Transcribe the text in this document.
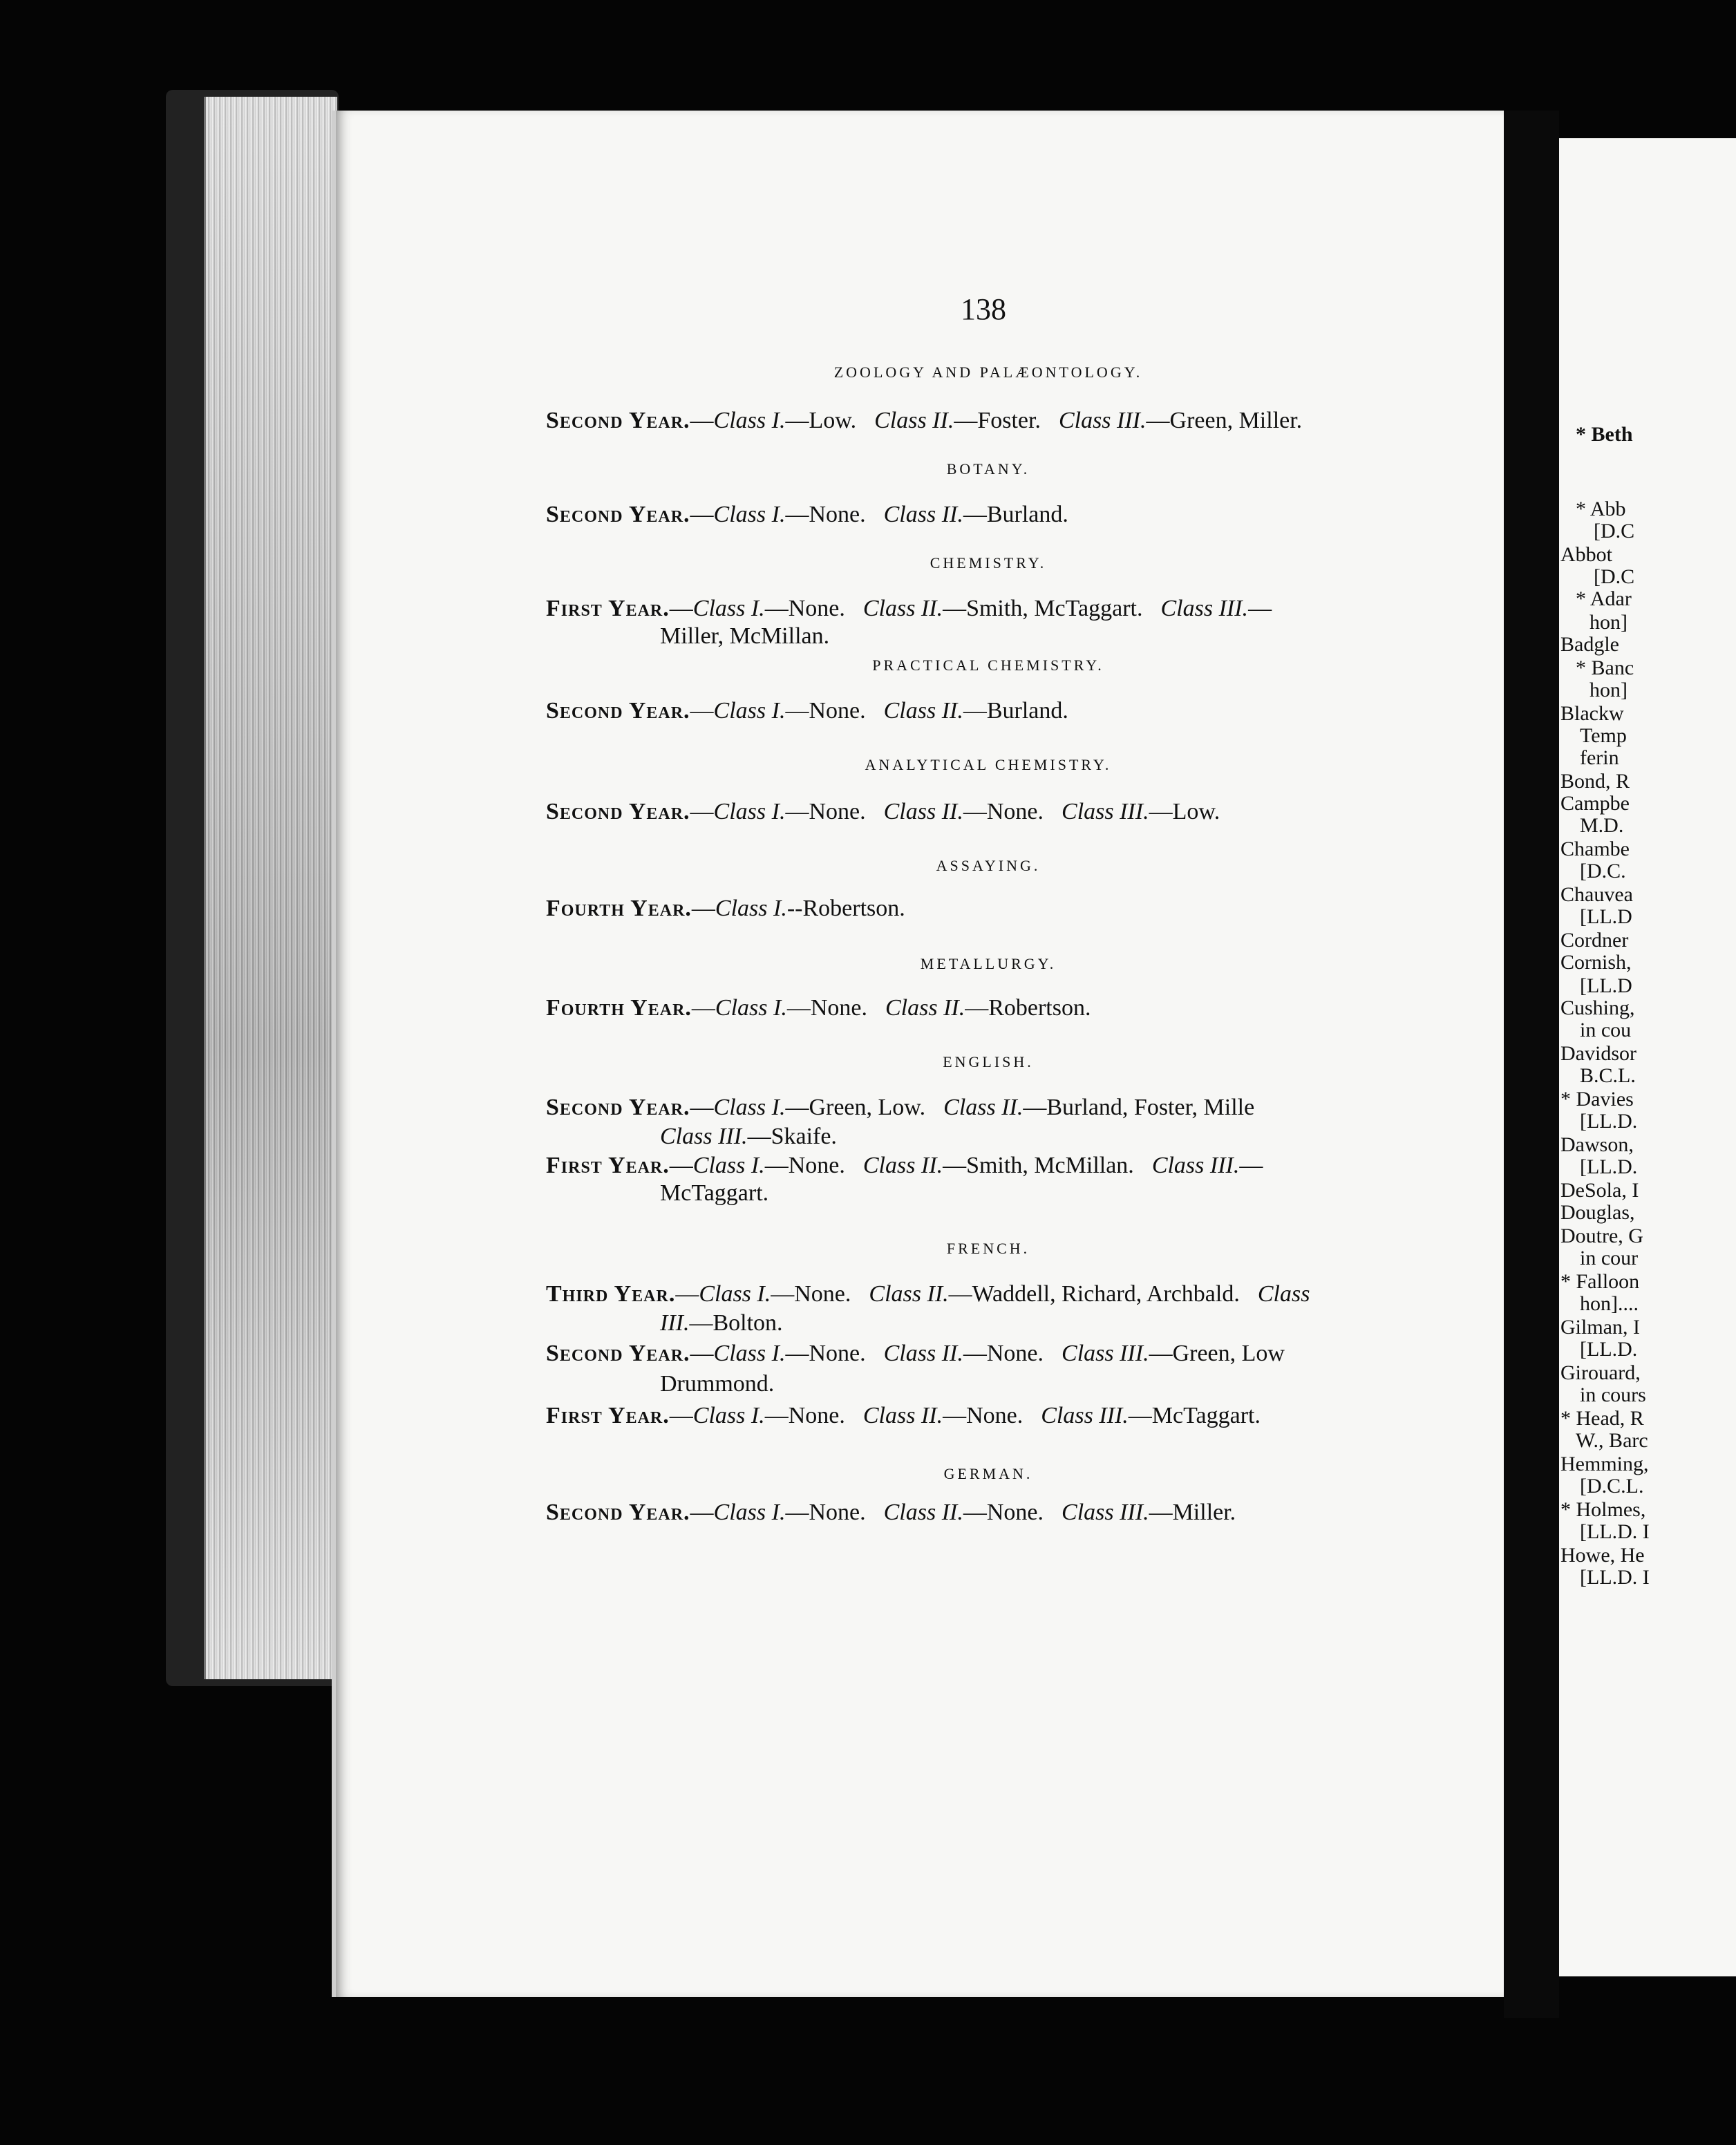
* Beth
* Abb
[D.C
Abbot
[D.C
* Adar
hon]
Badgle
* Banc
hon]
Blackw
Temp
ferin
Bond, R
Campbe
M.D.
Chambe
[D.C.
Chauvea
[LL.D
Cordner
Cornish,
[LL.D
Cushing,
in cou
Davidsor
B.C.L.
* Davies
[LL.D.
Dawson,
[LL.D.
DeSola, I
Douglas,
Doutre, G
in cour
* Falloon
hon]....
Gilman, I
[LL.D.
Girouard,
in cours
* Head, R
W., Barc
Hemming,
[D.C.L.
* Holmes,
[LL.D. I
Howe, He
[LL.D. I
138
ZOOLOGY AND PALÆONTOLOGY.
Second Year.—Class I.—Low. Class II.—Foster. Class III.—Green, Miller.
BOTANY.
Second Year.—Class I.—None. Class II.—Burland.
CHEMISTRY.
First Year.—Class I.—None. Class II.—Smith, McTaggart. Class III.—
Miller, McMillan.
PRACTICAL CHEMISTRY.
Second Year.—Class I.—None. Class II.—Burland.
ANALYTICAL CHEMISTRY.
Second Year.—Class I.—None. Class II.—None. Class III.—Low.
ASSAYING.
Fourth Year.—Class I.--Robertson.
METALLURGY.
Fourth Year.—Class I.—None. Class II.—Robertson.
ENGLISH.
Second Year.—Class I.—Green, Low. Class II.—Burland, Foster, Mille
Class III.—Skaife.
First Year.—Class I.—None. Class II.—Smith, McMillan. Class III.—
McTaggart.
FRENCH.
Third Year.—Class I.—None. Class II.—Waddell, Richard, Archbald. Class
III.—Bolton.
Second Year.—Class I.—None. Class II.—None. Class III.—Green, Low
Drummond.
First Year.—Class I.—None. Class II.—None. Class III.—McTaggart.
GERMAN.
Second Year.—Class I.—None. Class II.—None. Class III.—Miller.
